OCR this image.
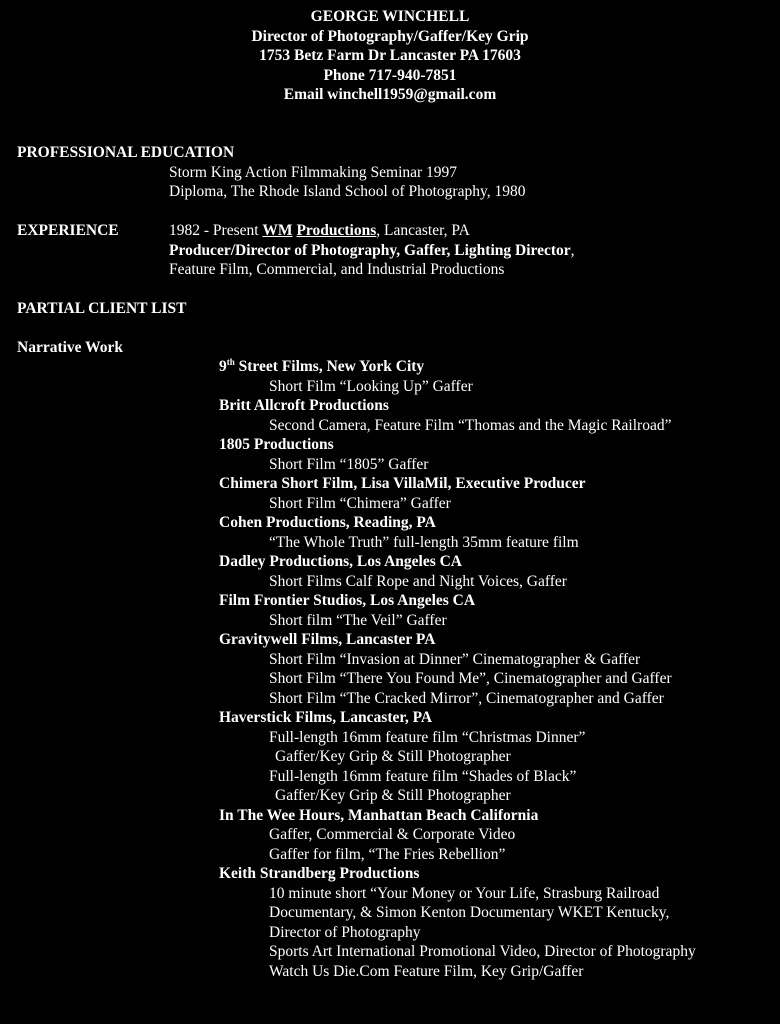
GEORGE WINCHELL
Director of Photography/Gaffer/Key Grip
1753 Betz Farm Dr Lancaster PA 17603
Phone 717-940-7851
Email winchell1959@gmail.com
PROFESSIONAL EDUCATION
Storm King Action Filmmaking Seminar 1997
Diploma, The Rhode Island School of Photography, 1980
EXPERIENCE	1982 - Present WM Productions, Lancaster, PA
Producer/Director of Photography, Gaffer, Lighting Director,
Feature Film, Commercial, and Industrial Productions
PARTIAL CLIENT LIST
Narrative Work
9th Street Films, New York City
Short Film “Looking Up” Gaffer
Britt Allcroft Productions
Second Camera, Feature Film “Thomas and the Magic Railroad”
1805 Productions
Short Film “1805” Gaffer
Chimera Short Film, Lisa VillaMil, Executive Producer
Short Film “Chimera” Gaffer
Cohen Productions, Reading, PA
“The Whole Truth” full-length 35mm feature film
Dadley Productions, Los Angeles CA
Short Films Calf Rope and Night Voices, Gaffer
Film Frontier Studios, Los Angeles CA
Short film “The Veil” Gaffer
Gravitywell Films, Lancaster PA
Short Film “Invasion at Dinner” Cinematographer & Gaffer
Short Film “There You Found Me”, Cinematographer and Gaffer
Short Film “The Cracked Mirror”, Cinematographer and Gaffer
Haverstick Films, Lancaster, PA
Full-length 16mm feature film “Christmas Dinner”
Gaffer/Key Grip & Still Photographer
Full-length 16mm feature film “Shades of Black”
Gaffer/Key Grip & Still Photographer
In The Wee Hours, Manhattan Beach California
Gaffer, Commercial & Corporate Video
Gaffer for film, “The Fries Rebellion”
Keith Strandberg Productions
10 minute short “Your Money or Your Life, Strasburg Railroad
Documentary, & Simon Kenton Documentary WKET Kentucky,
Director of Photography
Sports Art International Promotional Video, Director of Photography
Watch Us Die.Com Feature Film, Key Grip/Gaffer
